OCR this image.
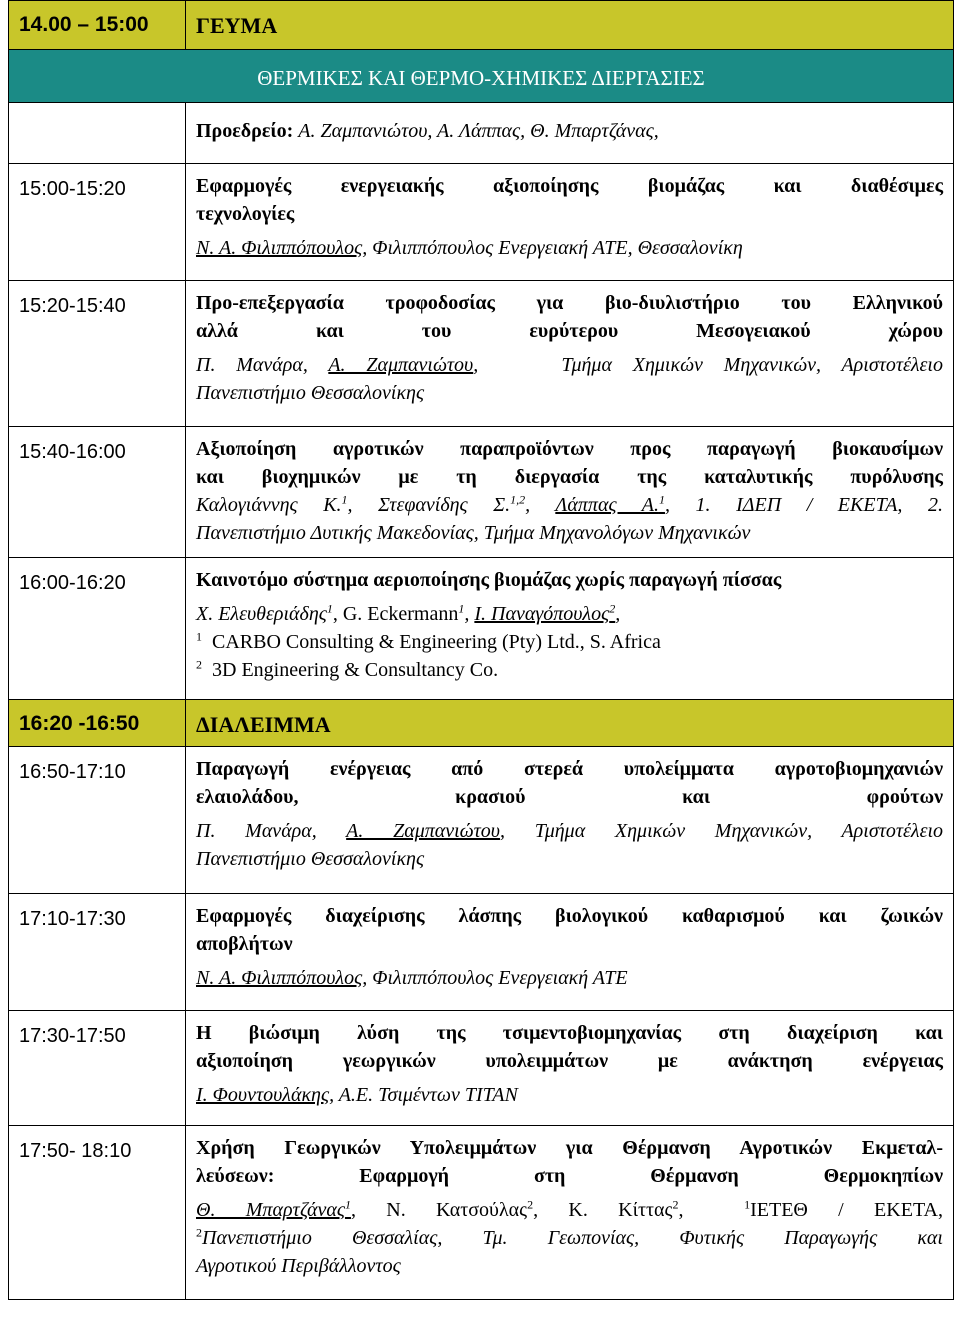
14.00 – 15:00	ΓΕΥΜΑ
ΘΕΡΜΙΚΕΣ ΚΑΙ ΘΕΡΜΟ-ΧΗΜΙΚΕΣ ΔΙΕΡΓΑΣΙΕΣ	
	Προεδρείο: Α. Ζαμπανιώτου, Α. Λάππας, Θ. Μπαρτζάνας,
15:00-15:20	Εφαρμογές ενεργειακής αξιοποίησης βιομάζας και διαθέσιμες
τεχνολογίες
Ν. Α. Φιλιππόπουλος, Φιλιππόπουλος Ενεργειακή ΑΤΕ, Θεσσαλονίκη

15:20-15:40	Προ-επεξεργασία τροφοδοσίας για βιο-διυλιστήριο του Ελληνικού
αλλά και του ευρύτερου Μεσογειακού χώρου
Π. Μανάρα, Α. Ζαμπανιώτου,    Τμήμα Χημικών Μηχανικών, Αριστοτέλειο
Πανεπιστήμιο Θεσσαλονίκης

15:40-16:00	Αξιοποίηση αγροτικών παραπροϊόντων προς παραγωγή βιοκαυσίμων
και βιοχημικών με τη διεργασία της καταλυτικής πυρόλυσης
Καλογιάννης Κ.$^1$, Στεφανίδης Σ.$^{1,2}$, Λάππας Α.$^1$, 1. ΙΔΕΠ / ΕΚΕΤΑ, 2.
Πανεπιστήμιο Δυτικής Μακεδονίας, Τμήμα Μηχανολόγων Μηχανικών

16:00-16:20	Καινοτόμο σύστημα αεριοποίησης βιομάζας χωρίς παραγωγή πίσσας
Χ. Ελευθεριάδης$^1$, G. Eckermann$^1$, Ι. Παναγόπουλος$^2$,
$^1$ CARBO Consulting & Engineering (Pty) Ltd., S. Africa
$^2$ 3D Engineering & Consultancy Co.

16:20 -16:50	ΔΙΑΛΕΙΜΜΑ
16:50-17:10	Παραγωγή ενέργειας από στερεά υπολείμματα αγροτοβιομηχανιών
ελαιολάδου, κρασιού και φρούτων
Π. Μανάρα, Α. Ζαμπανιώτου, Τμήμα Χημικών Μηχανικών, Αριστοτέλειο
Πανεπιστήμιο Θεσσαλονίκης

17:10-17:30	Εφαρμογές διαχείρισης λάσπης βιολογικού καθαρισμού και ζωικών
αποβλήτων
Ν. Α. Φιλιππόπουλος, Φιλιππόπουλος Ενεργειακή ΑΤΕ

17:30-17:50	Η βιώσιμη λύση της τσιμεντοβιομηχανίας στη διαχείριση και
αξιοποίηση γεωργικών υπολειμμάτων με ανάκτηση ενέργειας
Ι. Φουντουλάκης, Α.Ε. Τσιμέντων ΤΙΤΑΝ

17:50- 18:10	Χρήση Γεωργικών Υπολειμμάτων για Θέρμανση Αγροτικών Εκμεταλ-
λεύσεων: Εφαρμογή στη Θέρμανση Θερμοκηπίων
Θ. Μπαρτζάνας$^1$, Ν. Κατσούλας$^2$, Κ. Κίττας$^2$,  $^1$ΙΕΤΕΘ / ΕΚΕΤΑ,
$^2$Πανεπιστήμιο Θεσσαλίας, Τμ. Γεωπονίας, Φυτικής Παραγωγής και
Αγροτικού Περιβάλλοντος
